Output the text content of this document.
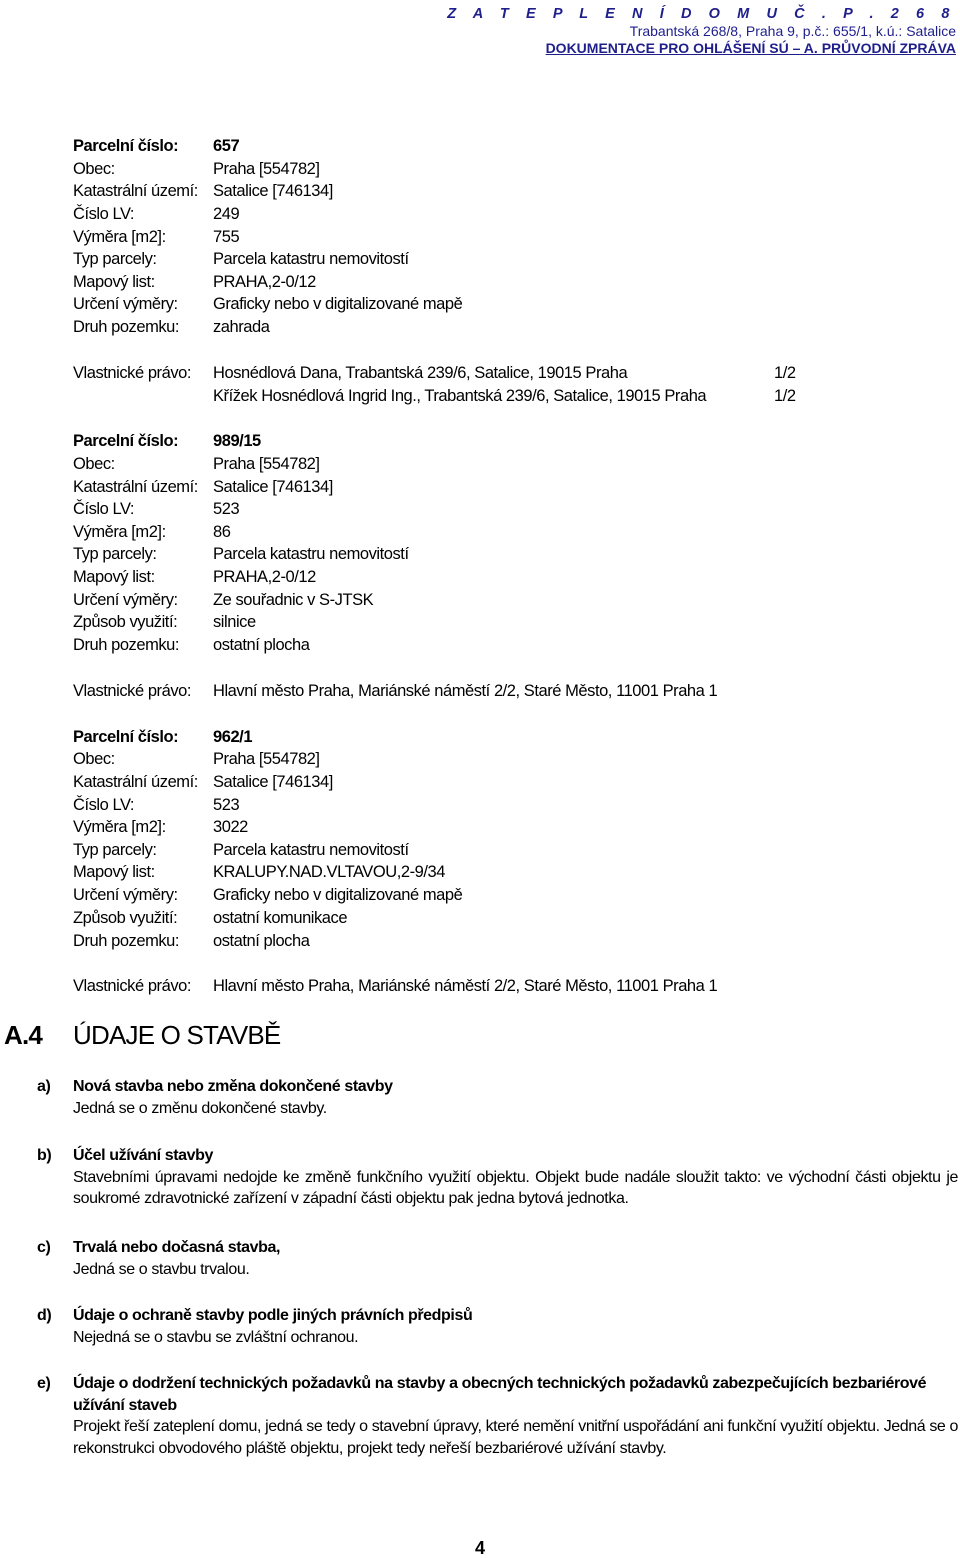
Z A T E P L E N Í D O M U Č . P . 2 6 8
Trabantská 268/8, Praha 9, p.č.: 655/1, k.ú.: Satalice
DOKUMENTACE PRO OHLÁŠENÍ SÚ – A. PRŮVODNÍ ZPRÁVA
Parcelní číslo: 657
Obec:	Praha [554782]
Katastrální území: Satalice [746134]
Číslo LV:	249
Výměra [m2]:	755
Typ parcely:	Parcela katastru nemovitostí
Mapový list:	PRAHA,2-0/12
Určení výměry: Graficky nebo v digitalizované mapě
Druh pozemku: zahrada
Vlastnické právo: Hosnédlová Dana, Trabantská 239/6, Satalice, 19015 Praha	1/2
Křížek Hosnédlová Ingrid Ing., Trabantská 239/6, Satalice, 19015 Praha	1/2
Parcelní číslo: 989/15
Obec:	Praha [554782]
Katastrální území: Satalice [746134]
Číslo LV:	523
Výměra [m2]:	86
Typ parcely:	Parcela katastru nemovitostí
Mapový list:	PRAHA,2-0/12
Určení výměry: Ze souřadnic v S-JTSK
Způsob využití: silnice
Druh pozemku: ostatní plocha
Vlastnické právo: Hlavní město Praha, Mariánské náměstí 2/2, Staré Město, 11001 Praha 1
Parcelní číslo: 962/1
Obec:	Praha [554782]
Katastrální území: Satalice [746134]
Číslo LV:	523
Výměra [m2]:	3022
Typ parcely:	Parcela katastru nemovitostí
Mapový list:	KRALUPY.NAD.VLTAVOU,2-9/34
Určení výměry: Graficky nebo v digitalizované mapě
Způsob využití: ostatní komunikace
Druh pozemku: ostatní plocha
Vlastnické právo: Hlavní město Praha, Mariánské náměstí 2/2, Staré Město, 11001 Praha 1
A.4 ÚDAJE O STAVBĚ
a) Nová stavba nebo změna dokončené stavby
Jedná se o změnu dokončené stavby.
b) Účel užívání stavby
Stavebními úpravami nedojde ke změně funkčního využití objektu. Objekt bude nadále sloužit takto: ve východní části objektu je soukromé zdravotnické zařízení v západní části objektu pak jedna bytová jednotka.
c) Trvalá nebo dočasná stavba,
Jedná se o stavbu trvalou.
d) Údaje o ochraně stavby podle jiných právních předpisů
Nejedná se o stavbu se zvláštní ochranou.
e) Údaje o dodržení technických požadavků na stavby a obecných technických požadavků zabezpečujících bezbariérové užívání staveb
Projekt řeší zateplení domu, jedná se tedy o stavební úpravy, které nemění vnitřní uspořádání ani funkční využití objektu. Jedná se o rekonstrukci obvodového pláště objektu, projekt tedy neřeší bezbariérové užívání stavby.
4
